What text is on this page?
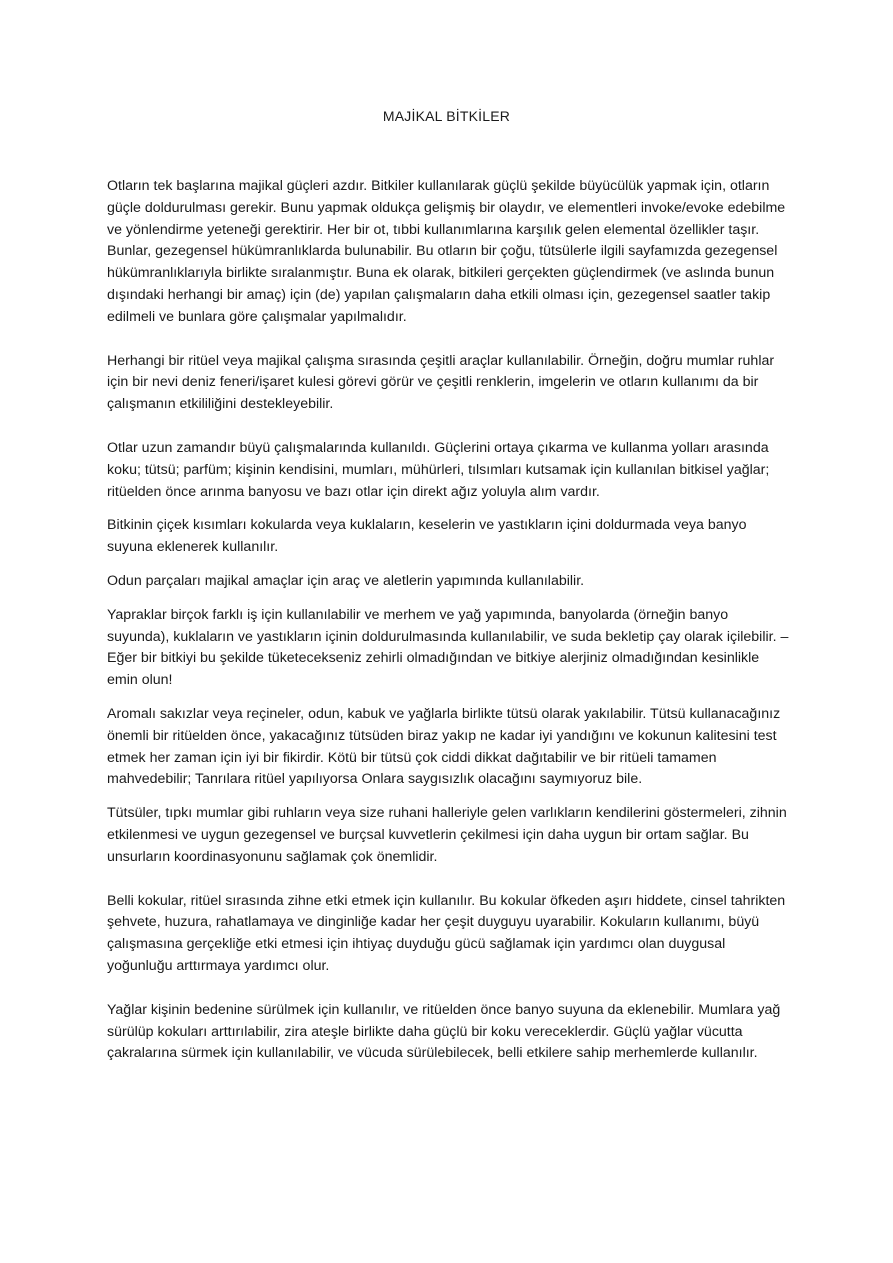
MAJİKAL BİTKİLER

Otların tek başlarına majikal güçleri azdır. Bitkiler kullanılarak güçlü şekilde büyücülük yapmak için, otların güçle doldurulması gerekir. Bunu yapmak oldukça gelişmiş bir olaydır, ve elementleri invoke/evoke edebilme ve yönlendirme yeteneği gerektirir. Her bir ot, tıbbi kullanımlarına karşılık gelen elemental özellikler taşır. Bunlar, gezegensel hükümranlıklarda bulunabilir. Bu otların bir çoğu, tütsülerle ilgili sayfamızda gezegensel hükümranlıklarıyla birlikte sıralanmıştır. Buna ek olarak, bitkileri gerçekten güçlendirmek (ve aslında bunun dışındaki herhangi bir amaç) için (de) yapılan çalışmaların daha etkili olması için, gezegensel saatler takip edilmeli ve bunlara göre çalışmalar yapılmalıdır.

Herhangi bir ritüel veya majikal çalışma sırasında çeşitli araçlar kullanılabilir. Örneğin, doğru mumlar ruhlar için bir nevi deniz feneri/işaret kulesi görevi görür ve çeşitli renklerin, imgelerin ve otların kullanımı da bir çalışmanın etkililiğini destekleyebilir.

Otlar uzun zamandır büyü çalışmalarında kullanıldı. Güçlerini ortaya çıkarma ve kullanma yolları arasında koku; tütsü; parfüm; kişinin kendisini, mumları, mühürleri, tılsımları kutsamak için kullanılan bitkisel yağlar; ritüelden önce arınma banyosu ve bazı otlar için direkt ağız yoluyla alım vardır.

Bitkinin çiçek kısımları kokularda veya kuklaların, keselerin ve yastıkların içini doldurmada veya banyo suyuna eklenerek kullanılır.

Odun parçaları majikal amaçlar için araç ve aletlerin yapımında kullanılabilir.

Yapraklar birçok farklı iş için kullanılabilir ve merhem ve yağ yapımında, banyolarda (örneğin banyo suyunda), kuklaların ve yastıkların içinin doldurulmasında kullanılabilir, ve suda bekletip çay olarak içilebilir. – Eğer bir bitkiyi bu şekilde tüketecekseniz zehirli olmadığından ve bitkiye alerjiniz olmadığından kesinlikle emin olun!

Aromalı sakızlar veya reçineler, odun, kabuk ve yağlarla birlikte tütsü olarak yakılabilir. Tütsü kullanacağınız önemli bir ritüelden önce, yakacağınız tütsüden biraz yakıp ne kadar iyi yandığını ve kokunun kalitesini test etmek her zaman için iyi bir fikirdir. Kötü bir tütsü çok ciddi dikkat dağıtabilir ve bir ritüeli tamamen mahvedebilir; Tanrılara ritüel yapılıyorsa Onlara saygısızlık olacağını saymıyoruz bile.

Tütsüler, tıpkı mumlar gibi ruhların veya size ruhani halleriyle gelen varlıkların kendilerini göstermeleri, zihnin etkilenmesi ve uygun gezegensel ve burçsal kuvvetlerin çekilmesi için daha uygun bir ortam sağlar. Bu unsurların koordinasyonunu sağlamak çok önemlidir.

Belli kokular, ritüel sırasında zihne etki etmek için kullanılır. Bu kokular öfkeden aşırı hiddete, cinsel tahrikten şehvete, huzura, rahatlamaya ve dinginliğe kadar her çeşit duyguyu uyarabilir. Kokuların kullanımı, büyü çalışmasına gerçekliğe etki etmesi için ihtiyaç duyduğu gücü sağlamak için yardımcı olan duygusal yoğunluğu arttırmaya yardımcı olur.

Yağlar kişinin bedenine sürülmek için kullanılır, ve ritüelden önce banyo suyuna da eklenebilir. Mumlara yağ sürülüp kokuları arttırılabilir, zira ateşle birlikte daha güçlü bir koku vereceklerdir. Güçlü yağlar vücutta çakralarına sürmek için kullanılabilir, ve vücuda sürülebilecek, belli etkilere sahip merhemlerde kullanılır.
